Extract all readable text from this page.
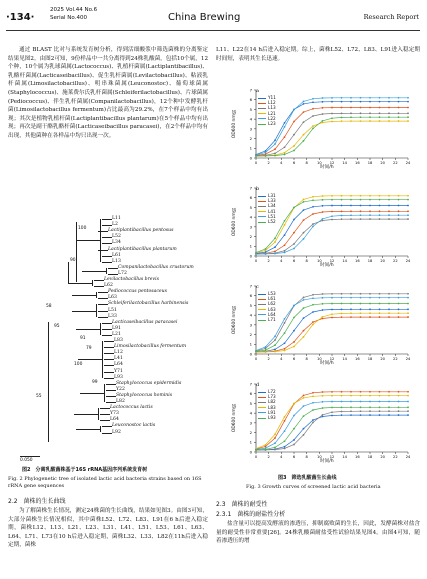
·134·
2025 Vol.44 No.6
Serial No.400	China Brewing	Research Report

通过 BLAST 比对与系统发育树分析，得到活细酸浆中筛选菌株的分离鉴定结果见图2。由图2可知，9份样品中一共分离得到24株乳酸菌，包括10个属，12个种，10个属为乳球菌属(Lactococcus)、乳植杆菌属(Lactiplantibacillus)、乳酪杆菌属(Lacticaseibacillus)、促生乳杆菌属(Levilactobacillus)、粘液乳杆菌属(Limosilactobacillus)、明串珠菌属(Leuconostoc)、葡萄球菌属(Staphylococcus)、施莱费尔氏乳杆菌属(Schleiferilactobacillus)、片球菌属(Pediococcus)、伴生乳杆菌属(Companilactobacillus)，12个种中发酵乳杆菌(Limosilactobacillus fermentum)占比最高为29.2%，在7个样品中均有出现；其次是植物乳植杆菌(Lactiplantibacillus plantarum)在5个样品中均有出现；再次是副干酪乳酪杆菌(Lacticaseibacillus paracasei)，在2个样品中均有出现，其他菌种在各样品中均只出现一次。

L11、L22在14 h后进入稳定期。综上，菌株L52、L72、L83、L91进入稳定期时间短，表明其生长迅速。

L11
L2
Lactiplantibacillus pentosus
L52
L34
Lactiplantibacillus plantarum
L61
L13
Companilactobacillus crustorum
L72
Levilactobacillus brevis
L62
Pediococcus pentosaceus
L63
Schleiferilactobacillus harbinensis
L51
L33
Lacticaseibacillus paracasei
L91
L21
L83
Limosilactobacillus fermentum
L12
L41
L64
Y71
L93
Staphylococcus epidermidis
Y22
Staphylococcus hominis
L82
Lactococcus lactis
Y73
L64
Leuconostoc lactis
L92
100
90
58
95
91
79
100
99
55
0.050
图2　分离乳酸菌株基于16S rRNA基因序列系统发育树
Fig. 2 Phylogenetic tree of isolated lactic acid bacteria strains based on 16S rRNA gene sequences
2.2　菌株的生长曲线
为了解菌株生长情况，测定24株菌的生长曲线，结果如见图3。由图3可知，大部分菌株生长情况相似，其中菌株L52、L72、L83、L91在6 h后进入稳定期，菌株L12、L13、L21、L23、L31、L41、L51、L53、L61、L63、L64、L71、L73在10 h后进入稳定期，菌株L32、L33、L82在11h后进入稳定期，菌株
0
1
2
3
4
5
6
7
0	2	4	6	8	10 12 14 16 18 20 22 24
a
Y11
L12
L13
L21
L22
L23
OD600 nm值
时间/h
0
1
2
3
4
5
6
7
0	2	4	6	8	10 12 14 16 18 20 22 24
b
L31
L33
L34
L41
L51
L52
OD600 nm值
时间/h
0
1
2
3
4
5
6
7
0	2	4	6	8	10 12 14 16 18 20 22 24
c
L53
L61
L62
L63
L64
L71
OD600 nm值
时间/h
0
1
2
3
4
5
6
7
0	2	4	6	8	10 12 14 16 18 20 22 24
d
L72
L73
L82
L83
L91
L93
OD600 nm值
时间/h
图3　筛选乳酸菌生长曲线
Fig. 3 Growth curves of screened lactic acid bacteria
2.3　菌株的耐受性
2.3.1　菌株的耐盐性分析
盐含量可以提高发酵液的渗透压，抑制腐败菌的生长，因此，发酵菌株对盐含量的耐受性非常重要[26]。24株乳酸菌耐盐受性试验结果见图4。由图4可知，随着渗透压的增
